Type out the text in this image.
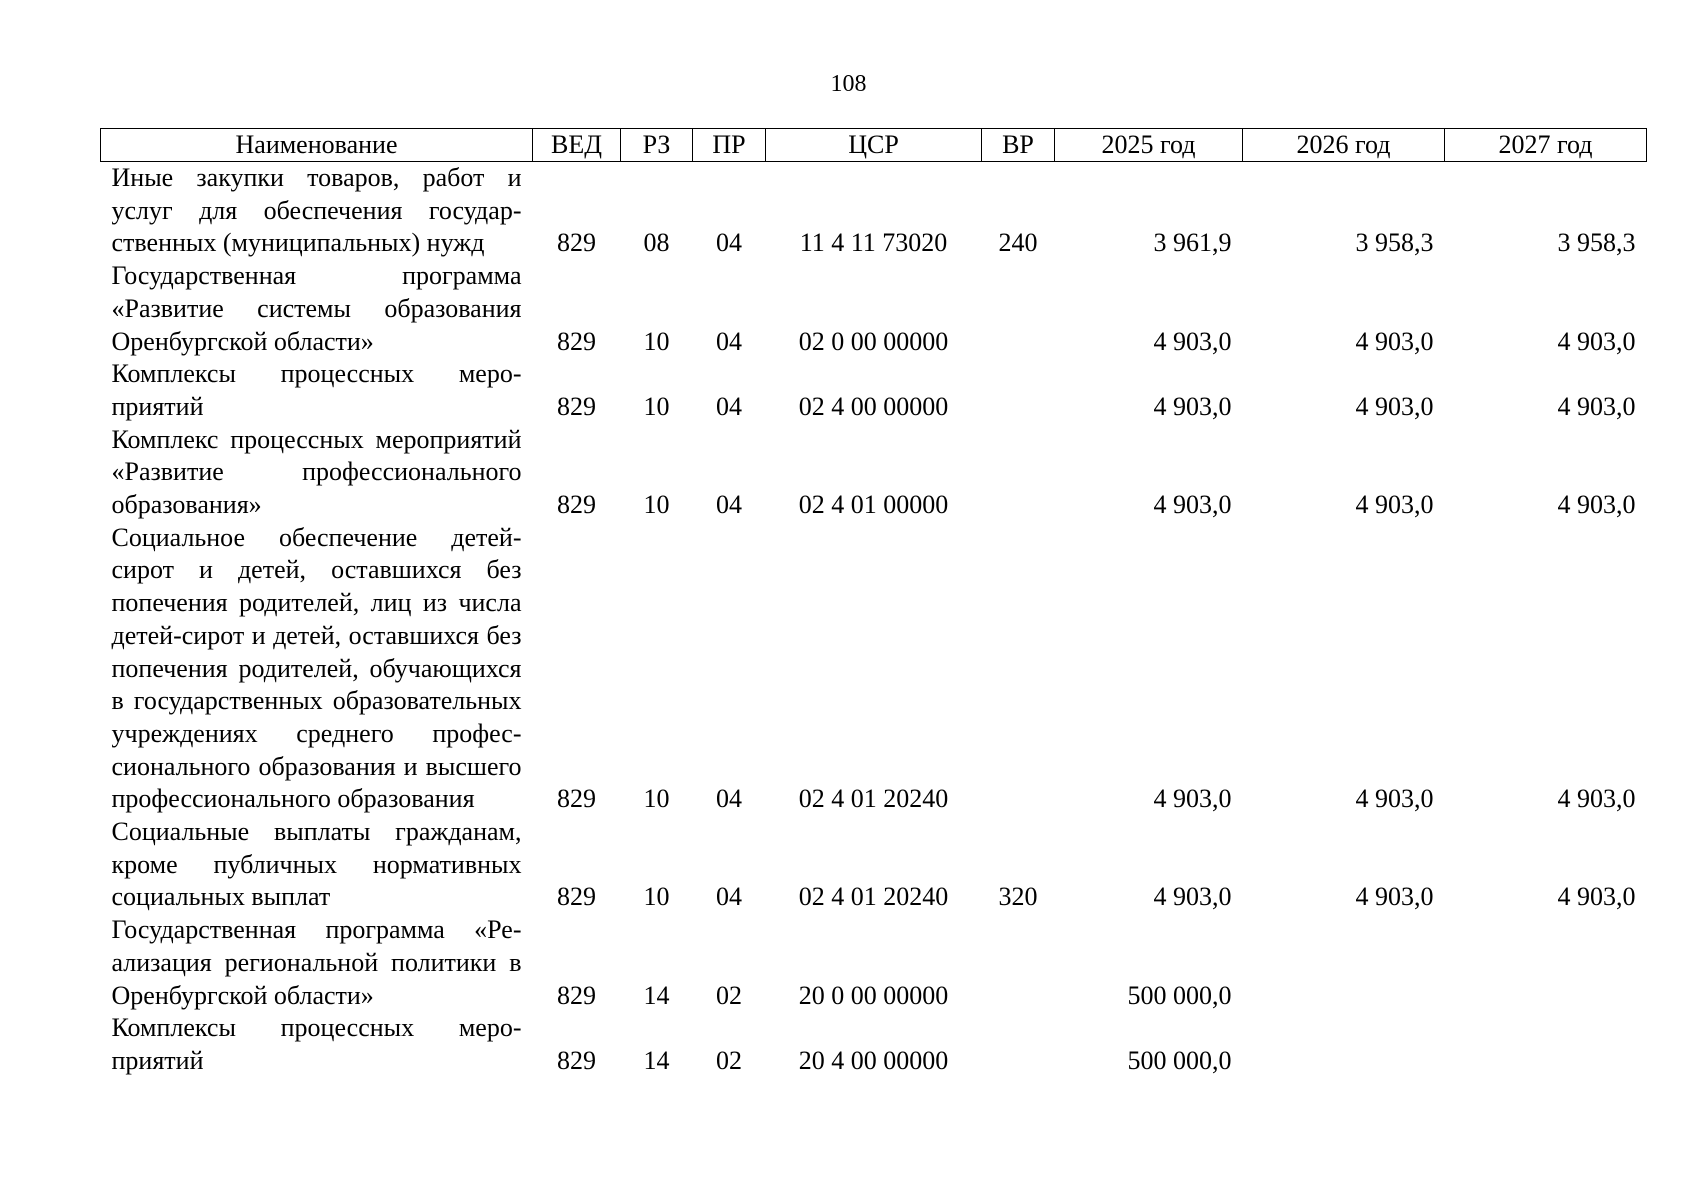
108
Наименование	ВЕД	РЗ	ПР	ЦСР	ВР	2025 год	2026 год	2027 год
Иные закупки товаров, работ и услуг для обеспечения государственных (муниципальных) нужд	829	08	04	11 4 11 73020	240	3 961,9	3 958,3	3 958,3
Государственная программа «Развитие системы образования Оренбургской области»	829	10	04	02 0 00 00000		4 903,0	4 903,0	4 903,0
Комплексы процессных мероприятий	829	10	04	02 4 00 00000		4 903,0	4 903,0	4 903,0
Комплекс процессных мероприятий «Развитие профессионального образования»	829	10	04	02 4 01 00000		4 903,0	4 903,0	4 903,0
Социальное обеспечение детей-сирот и детей, оставшихся без попечения родителей, лиц из числа детей-сирот и детей, оставшихся без попечения родителей, обучающихся в государственных образовательных учреждениях среднего профессионального образования и высшего профессионального образования	829	10	04	02 4 01 20240		4 903,0	4 903,0	4 903,0
Социальные выплаты гражданам, кроме публичных нормативных социальных выплат	829	10	04	02 4 01 20240	320	4 903,0	4 903,0	4 903,0
Государственная программа «Реализация региональной политики в Оренбургской области»	829	14	02	20 0 00 00000		500 000,0		
Комплексы процессных мероприятий	829	14	02	20 4 00 00000		500 000,0		
